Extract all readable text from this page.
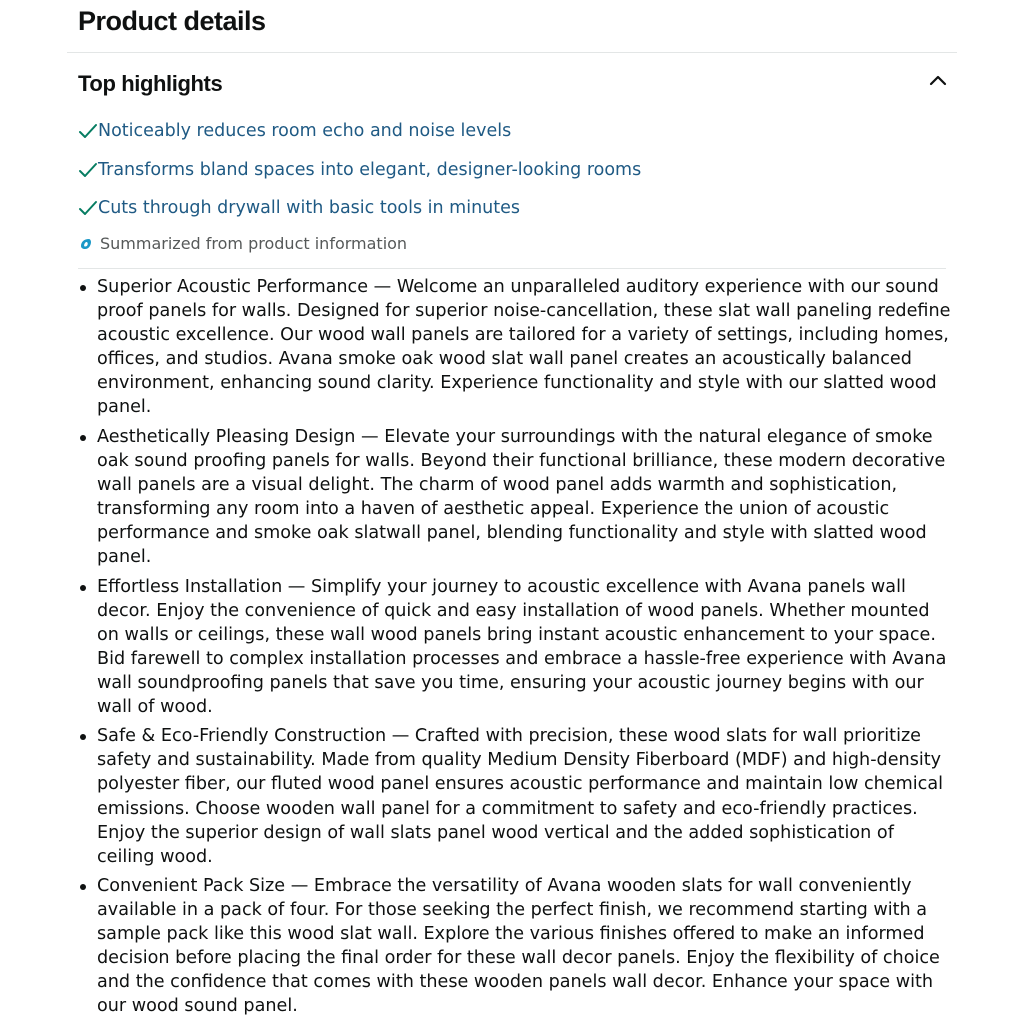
Product details
Top highlights
Noticeably reduces room echo and noise levels
Transforms bland spaces into elegant, designer-looking rooms
Cuts through drywall with basic tools in minutes
Summarized from product information
Superior Acoustic Performance — Welcome an unparalleled auditory experience with our sound proof panels for walls. Designed for superior noise-cancellation, these slat wall paneling redefine acoustic excellence. Our wood wall panels are tailored for a variety of settings, including homes, offices, and studios. Avana smoke oak wood slat wall panel creates an acoustically balanced environment, enhancing sound clarity. Experience functionality and style with our slatted wood panel.
Aesthetically Pleasing Design — Elevate your surroundings with the natural elegance of smoke oak sound proofing panels for walls. Beyond their functional brilliance, these modern decorative wall panels are a visual delight. The charm of wood panel adds warmth and sophistication, transforming any room into a haven of aesthetic appeal. Experience the union of acoustic performance and smoke oak slatwall panel, blending functionality and style with slatted wood panel.
Effortless Installation — Simplify your journey to acoustic excellence with Avana panels wall decor. Enjoy the convenience of quick and easy installation of wood panels. Whether mounted on walls or ceilings, these wall wood panels bring instant acoustic enhancement to your space. Bid farewell to complex installation processes and embrace a hassle-free experience with Avana wall soundproofing panels that save you time, ensuring your acoustic journey begins with our wall of wood.
Safe & Eco-Friendly Construction — Crafted with precision, these wood slats for wall prioritize safety and sustainability. Made from quality Medium Density Fiberboard (MDF) and high-density polyester fiber, our fluted wood panel ensures acoustic performance and maintain low chemical emissions. Choose wooden wall panel for a commitment to safety and eco-friendly practices. Enjoy the superior design of wall slats panel wood vertical and the added sophistication of ceiling wood.
Convenient Pack Size — Embrace the versatility of Avana wooden slats for wall conveniently available in a pack of four. For those seeking the perfect finish, we recommend starting with a sample pack like this wood slat wall. Explore the various finishes offered to make an informed decision before placing the final order for these wall decor panels. Enjoy the flexibility of choice and the confidence that comes with these wooden panels wall decor. Enhance your space with our wood sound panel.
